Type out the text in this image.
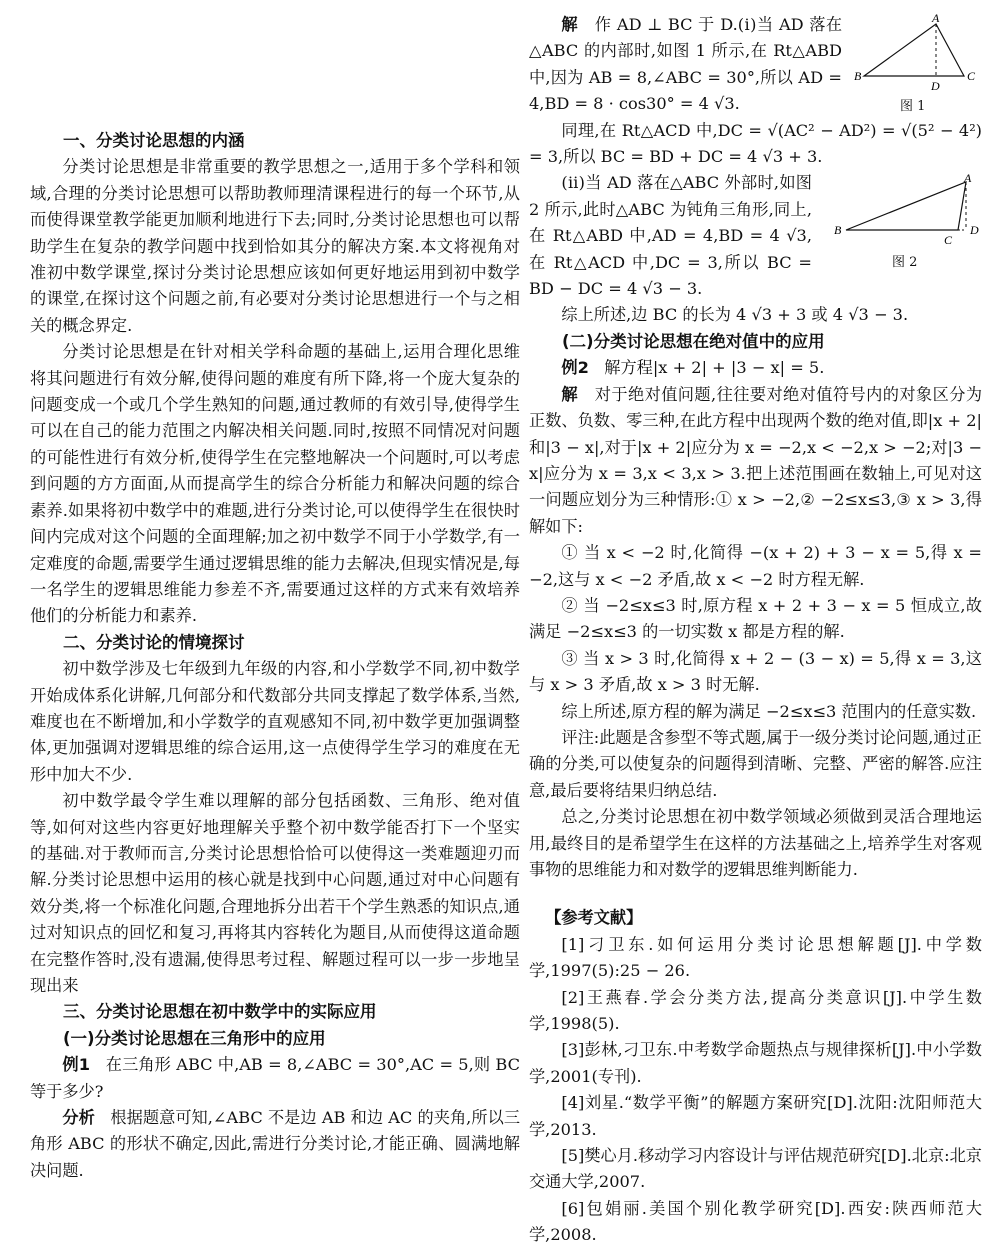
一、分类讨论思想的内涵

分类讨论思想是非常重要的教学思想之一,适用于多个学科和领域,合理的分类讨论思想可以帮助教师理清课程进行的每一个环节,从而使得课堂教学能更加顺利地进行下去;同时,分类讨论思想也可以帮助学生在复杂的教学问题中找到恰如其分的解决方案.本文将视角对准初中数学课堂,探讨分类讨论思想应该如何更好地运用到初中数学的课堂,在探讨这个问题之前,有必要对分类讨论思想进行一个与之相关的概念界定.

分类讨论思想是在针对相关学科命题的基础上,运用合理化思维将其问题进行有效分解,使得问题的难度有所下降,将一个庞大复杂的问题变成一个或几个学生熟知的问题,通过教师的有效引导,使得学生可以在自己的能力范围之内解决相关问题.同时,按照不同情况对问题的可能性进行有效分析,使得学生在完整地解决一个问题时,可以考虑到问题的方方面面,从而提高学生的综合分析能力和解决问题的综合素养.如果将初中数学中的难题,进行分类讨论,可以使得学生在很快时间内完成对这个问题的全面理解;加之初中数学不同于小学数学,有一定难度的命题,需要学生通过逻辑思维的能力去解决,但现实情况是,每一名学生的逻辑思维能力参差不齐,需要通过这样的方式来有效培养他们的分析能力和素养.

二、分类讨论的情境探讨

初中数学涉及七年级到九年级的内容,和小学数学不同,初中数学开始成体系化讲解,几何部分和代数部分共同支撑起了数学体系,当然,难度也在不断增加,和小学数学的直观感知不同,初中数学更加强调整体,更加强调对逻辑思维的综合运用,这一点使得学生学习的难度在无形中加大不少.

初中数学最令学生难以理解的部分包括函数、三角形、绝对值等,如何对这些内容更好地理解关乎整个初中数学能否打下一个坚实的基础.对于教师而言,分类讨论思想恰恰可以使得这一类难题迎刃而解.分类讨论思想中运用的核心就是找到中心问题,通过对中心问题有效分类,将一个标准化问题,合理地拆分出若干个学生熟悉的知识点,通过对知识点的回忆和复习,再将其内容转化为题目,从而使得这道命题在完整作答时,没有遗漏,使得思考过程、解题过程可以一步一步地呈现出来

三、分类讨论思想在初中数学中的实际应用
(一)分类讨论思想在三角形中的应用

例1 在三角形 ABC 中,AB = 8,∠ABC = 30°,AC = 5,则 BC 等于多少?

分析 根据题意可知,∠ABC 不是边 AB 和边 AC 的夹角,所以三角形 ABC 的形状不确定,因此,需进行分类讨论,才能正确、圆满地解决问题.

解 作 AD ⊥ BC 于 D.(ⅰ)当 AD 落在△ABC 的内部时,如图 1 所示,在 Rt△ABD中,因为 AB = 8,∠ABC = 30°,所以 AD = 4,BD = 8 · cos30° = 4 √3.

B
A
C
D
图 1

同理,在 Rt△ACD 中,DC = √(AC² − AD²) = √(5² − 4²) = 3,所以 BC = BD + DC = 4 √3 + 3.

(ⅱ)当 AD 落在△ABC 外部时,如图 2 所示,此时△ABC 为钝角三角形,同上,在 Rt△ABD 中,AD = 4,BD = 4 √3,在 Rt△ACD 中,DC = 3,所以 BC = BD − DC = 4 √3 − 3.

B
A
C
D
图 2

综上所述,边 BC 的长为 4 √3 + 3 或 4 √3 − 3.

(二)分类讨论思想在绝对值中的应用

例2 解方程|x + 2| + |3 − x| = 5.

解 对于绝对值问题,往往要对绝对值符号内的对象区分为正数、负数、零三种,在此方程中出现两个数的绝对值,即|x + 2|和|3 − x|,对于|x + 2|应分为 x = −2,x < −2,x > −2;对|3 − x|应分为 x = 3,x < 3,x > 3.把上述范围画在数轴上,可见对这一问题应划分为三种情形:① x > −2,② −2≤x≤3,③ x > 3,得解如下:

① 当 x < −2 时,化简得 −(x + 2) + 3 − x = 5,得 x = −2,这与 x < −2 矛盾,故 x < −2 时方程无解.

② 当 −2≤x≤3 时,原方程 x + 2 + 3 − x = 5 恒成立,故满足 −2≤x≤3 的一切实数 x 都是方程的解.

③ 当 x > 3 时,化简得 x + 2 − (3 − x) = 5,得 x = 3,这与 x > 3 矛盾,故 x > 3 时无解.

综上所述,原方程的解为满足 −2≤x≤3 范围内的任意实数.

评注:此题是含参型不等式题,属于一级分类讨论问题,通过正确的分类,可以使复杂的问题得到清晰、完整、严密的解答.应注意,最后要将结果归纳总结.

总之,分类讨论思想在初中数学领域必须做到灵活合理地运用,最终目的是希望学生在这样的方法基础之上,培养学生对客观事物的思维能力和对数学的逻辑思维判断能力.

【参考文献】

[1]刁卫东.如何运用分类讨论思想解题[J].中学数学,1997(5):25 − 26.

[2]王燕春.学会分类方法,提高分类意识[J].中学生数学,1998(5).

[3]彭林,刁卫东.中考数学命题热点与规律探析[J].中小学数学,2001(专刊).

[4]刘星.“数学平衡”的解题方案研究[D].沈阳:沈阳师范大学,2013.

[5]樊心月.移动学习内容设计与评估规范研究[D].北京:北京交通大学,2007.

[6]包娟丽.美国个别化教学研究[D].西安:陕西师范大学,2008.
